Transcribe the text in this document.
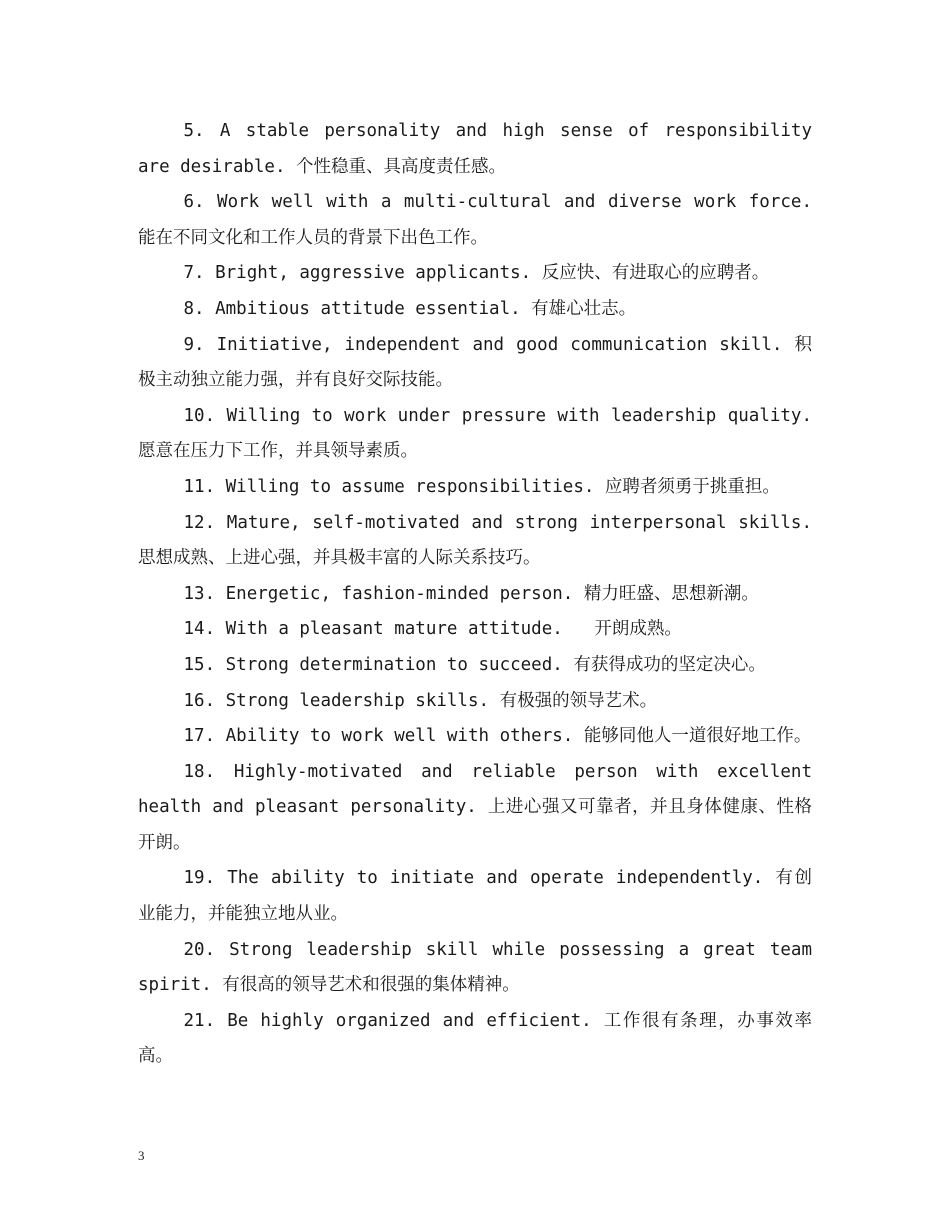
5. A stable personality and high sense of responsibility are desirable. 个性稳重、具高度责任感。

6. Work well with a multi-cultural and diverse work force. 能在不同文化和工作人员的背景下出色工作。

7. Bright, aggressive applicants. 反应快、有进取心的应聘者。

8. Ambitious attitude essential. 有雄心壮志。

9. Initiative, independent and good communication skill. 积极主动独立能力强，并有良好交际技能。

10. Willing to work under pressure with leadership quality. 愿意在压力下工作，并具领导素质。

11. Willing to assume responsibilities. 应聘者须勇于挑重担。

12. Mature, self-motivated and strong interpersonal skills. 思想成熟、上进心强，并具极丰富的人际关系技巧。

13. Energetic, fashion-minded person. 精力旺盛、思想新潮。

14. With a pleasant mature attitude.   开朗成熟。

15. Strong determination to succeed. 有获得成功的坚定决心。

16. Strong leadership skills. 有极强的领导艺术。

17. Ability to work well with others. 能够同他人一道很好地工作。

18. Highly-motivated and reliable person with excellent health and pleasant personality. 上进心强又可靠者，并且身体健康、性格开朗。

19. The ability to initiate and operate independently. 有创业能力，并能独立地从业。

20. Strong leadership skill while possessing a great team spirit. 有很高的领导艺术和很强的集体精神。

21. Be highly organized and efficient. 工作很有条理，办事效率高。

3
